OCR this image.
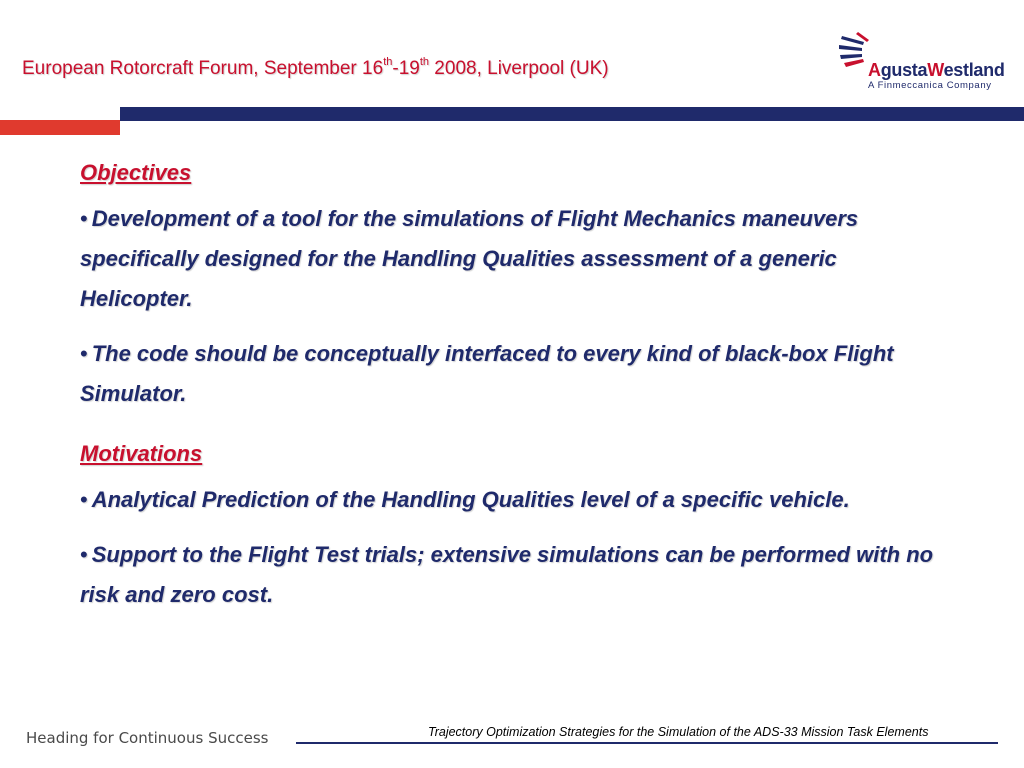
European Rotorcraft Forum, September 16th-19th 2008, Liverpool (UK)	AgustaWestland
A Finmeccanica Company

Objectives

• Development of a tool for the simulations of Flight Mechanics maneuvers specifically designed for the Handling Qualities assessment of a generic Helicopter.

• The code should be conceptually interfaced to every kind of black-box Flight Simulator.

Motivations

• Analytical Prediction of the Handling Qualities level of a specific vehicle.

• Support to the Flight Test trials; extensive simulations can be performed with no risk and zero cost.

Heading for Continuous Success	Trajectory Optimization Strategies for the Simulation of the ADS-33 Mission Task Elements
